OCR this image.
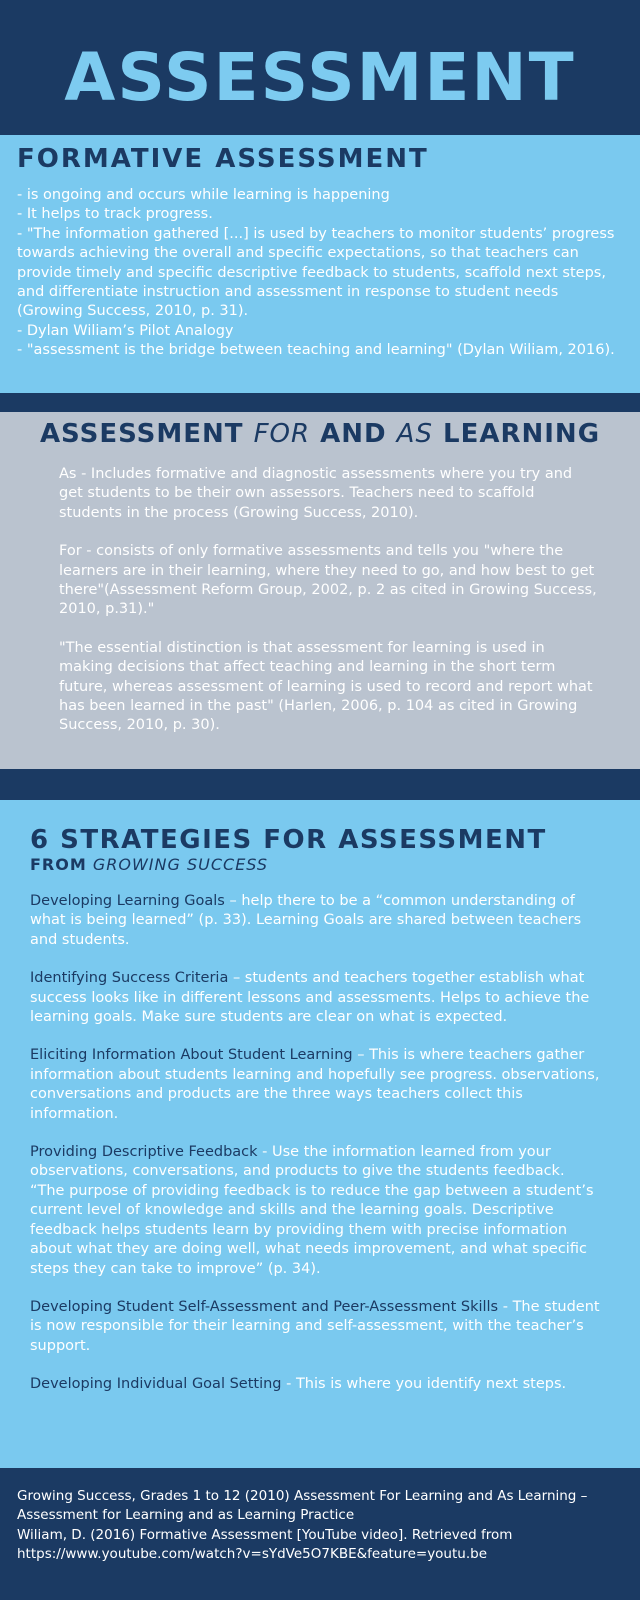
ASSESSMENT
FORMATIVE ASSESSMENT
- is ongoing and occurs while learning is happening
- It helps to track progress.
- "The information gathered [...] is used by teachers to monitor students’ progress towards achieving the overall and specific expectations, so that teachers can provide timely and specific descriptive feedback to students, scaffold next steps, and differentiate instruction and assessment in response to student needs (Growing Success, 2010, p. 31).
- Dylan Wiliam’s Pilot Analogy
- "assessment is the bridge between teaching and learning" (Dylan Wiliam, 2016).
ASSESSMENT FOR AND AS LEARNING

As - Includes formative and diagnostic assessments where you try and get students to be their own assessors. Teachers need to scaffold students in the process (Growing Success, 2010).

For - consists of only formative assessments and tells you "where the learners are in their learning, where they need to go, and how best to get there"(Assessment Reform Group, 2002, p. 2 as cited in Growing Success, 2010, p.31)."

"The essential distinction is that assessment for learning is used in making decisions that affect teaching and learning in the short term future, whereas assessment of learning is used to record and report what has been learned in the past" (Harlen, 2006, p. 104 as cited in Growing Success, 2010, p. 30).

6 STRATEGIES FOR ASSESSMENT
FROM GROWING SUCCESS

Developing Learning Goals – help there to be a “common understanding of what is being learned” (p. 33). Learning Goals are shared between teachers and students.

Identifying Success Criteria – students and teachers together establish what success looks like in different lessons and assessments. Helps to achieve the learning goals. Make sure students are clear on what is expected.

Eliciting Information About Student Learning – This is where teachers gather information about students learning and hopefully see progress. observations, conversations and products are the three ways teachers collect this information.

Providing Descriptive Feedback - Use the information learned from your observations, conversations, and products to give the students feedback. “The purpose of providing feedback is to reduce the gap between a student’s current level of knowledge and skills and the learning goals. Descriptive feedback helps students learn by providing them with precise information about what they are doing well, what needs improvement, and what specific steps they can take to improve” (p. 34).

Developing Student Self-Assessment and Peer-Assessment Skills - The student is now responsible for their learning and self-assessment, with the teacher’s support.

Developing Individual Goal Setting - This is where you identify next steps.

Growing Success, Grades 1 to 12 (2010) Assessment For Learning and As Learning – Assessment for Learning and as Learning Practice
Wiliam, D. (2016) Formative Assessment [YouTube video]. Retrieved from https://www.youtube.com/watch?v=sYdVe5O7KBE&feature=youtu.be
